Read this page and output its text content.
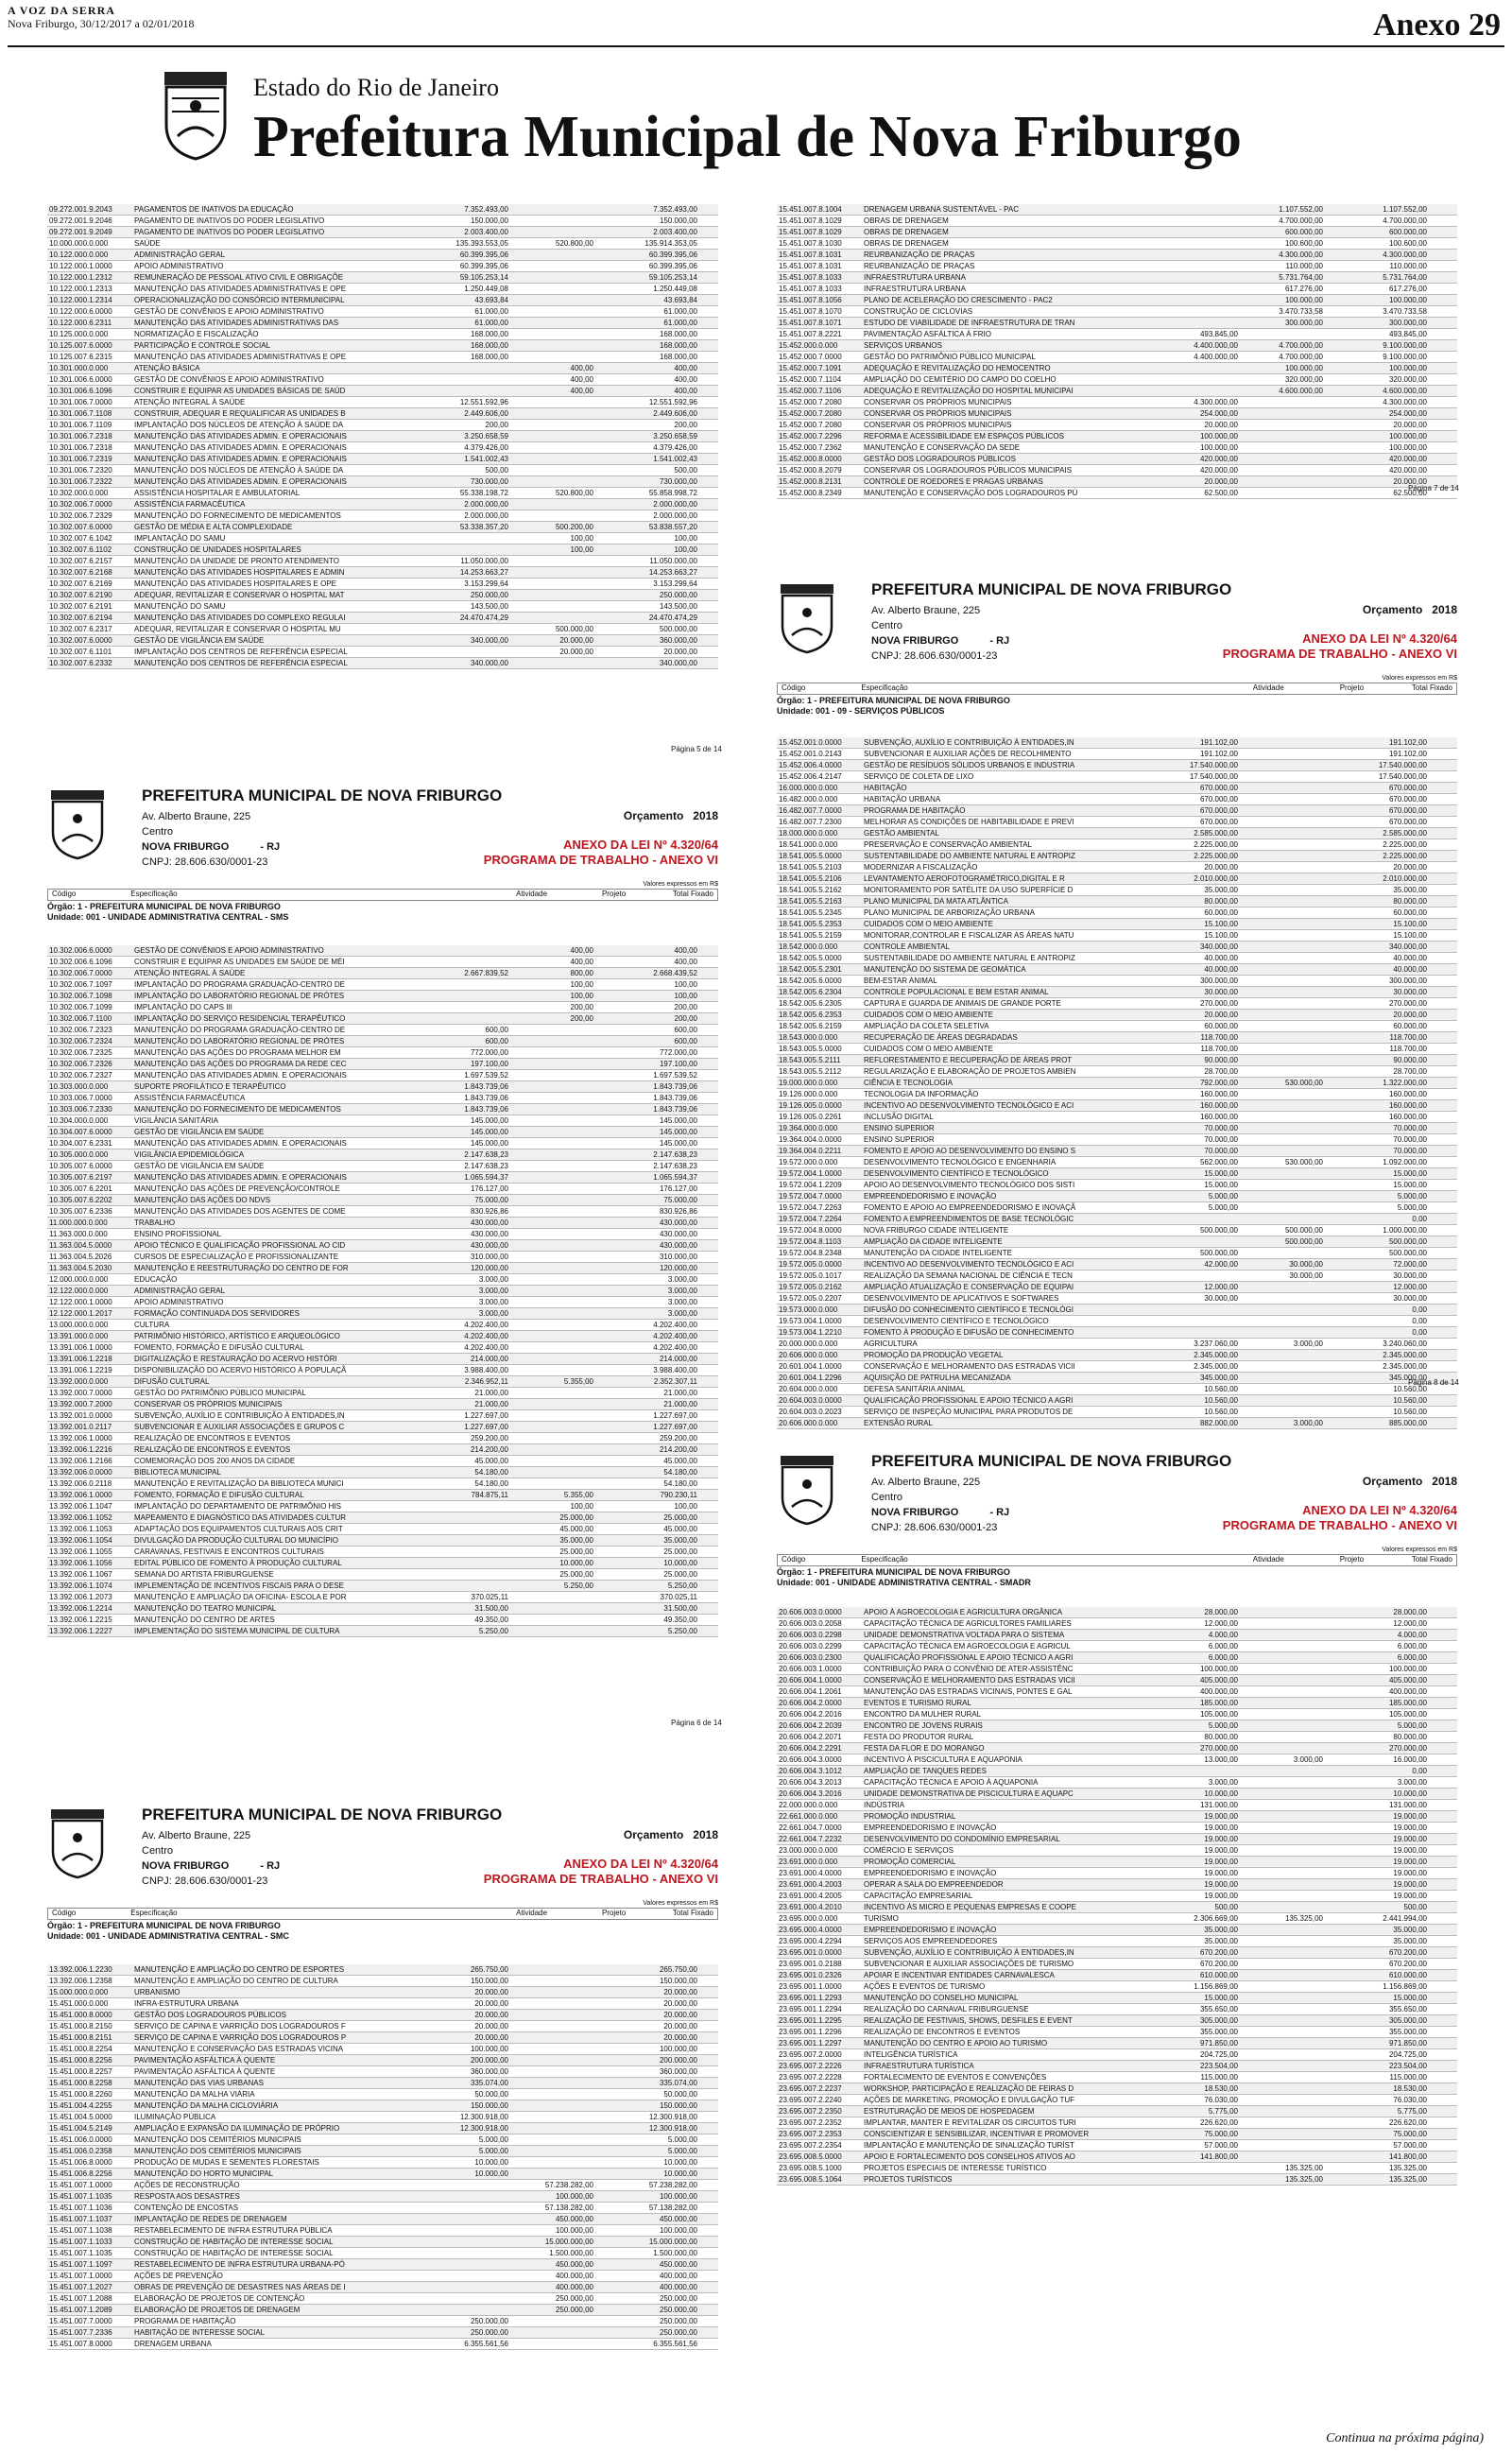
A VOZ DA SERRA
Nova Friburgo, 30/12/2017 a 02/01/2018	Anexo 29
Estado do Rio de Janeiro
Prefeitura Municipal de Nova Friburgo
09.272.001.9.2043	PAGAMENTOS DE INATIVOS DA EDUCAÇÃO	7.352.493,00	7.352.493,00
09.272.001.9.2046	PAGAMENTO DE INATIVOS DO PODER LEGISLATIVO	150.000,00	150.000,00
09.272.001.9.2049	PAGAMENTO DE INATIVOS DO PODER LEGISLATIVO	2.003.400,00	2.003.400,00
10.000.000.0.000	SAÚDE	135.393.553,05	520.800,00	135.914.353,05
10.122.000.0.000	ADMINISTRAÇÃO GERAL	60.399.395,06	60.399.395,06
10.122.000.1.0000	APOIO ADMINISTRATIVO	60.399.395,06	60.399.395,06
10.122.000.1.2312	REMUNERAÇÃO DE PESSOAL ATIVO CIVIL E OBRIGAÇÕE	59.105.253,14	59.105.253,14
10.122.000.1.2313	MANUTENÇÃO DAS ATIVIDADES ADMINISTRATIVAS E OPE	1.250.449,08	1.250.449,08
10.122.000.1.2314	OPERACIONALIZAÇÃO DO CONSÓRCIO INTERMUNICIPAL	43.693,84	43.693,84
10.122.000.6.0000	GESTÃO DE CONVÊNIOS E APOIO ADMINISTRATIVO	61.000,00	61.000,00
10.122.000.6.2311	MANUTENÇÃO DAS ATIVIDADES ADMINISTRATIVAS DAS	61.000,00	61.000,00
10.125.000.0.000	NORMATIZAÇÃO E FISCALIZAÇÃO	168.000,00	168.000,00
10.125.007.6.0000	PARTICIPAÇÃO E CONTROLE SOCIAL	168.000,00	168.000,00
10.125.007.6.2315	MANUTENÇÃO DAS ATIVIDADES ADMINISTRATIVAS E OPE	168.000,00	168.000,00
10.301.000.0.000	ATENÇÃO BÁSICA	400,00	400,00
10.301.006.6.0000	GESTÃO DE CONVÊNIOS E APOIO ADMINISTRATIVO	400,00	400,00
10.301.006.6.1096	CONSTRUIR E EQUIPAR AS UNIDADES BÁSICAS DE SAÚD	400,00	400,00
10.301.006.7.0000	ATENÇÃO INTEGRAL À SAÚDE	12.551.592,96	12.551.592,96
10.301.006.7.1108	CONSTRUIR, ADEQUAR E REQUALIFICAR AS UNIDADES B	2.449.606,00	2.449.606,00
10.301.006.7.1109	IMPLANTAÇÃO DOS NÚCLEOS DE ATENÇÃO À SAÚDE DA	200,00	200,00
10.301.006.7.2318	MANUTENÇÃO DAS ATIVIDADES ADMIN. E OPERACIONAIS	3.250.658,59	3.250.658,59
10.301.006.7.2318	MANUTENÇÃO DAS ATIVIDADES ADMIN. E OPERACIONAIS	4.379.426,00	4.379.426,00
10.301.006.7.2319	MANUTENÇÃO DAS ATIVIDADES ADMIN. E OPERACIONAIS	1.541.002,43	1.541.002,43
10.301.006.7.2320	MANUTENÇÃO DOS NÚCLEOS DE ATENÇÃO À SAÚDE DA	500,00	500,00
10.301.006.7.2322	MANUTENÇÃO DAS ATIVIDADES ADMIN. E OPERACIONAIS	730.000,00	730.000,00
10.302.000.0.000	ASSISTÊNCIA HOSPITALAR E AMBULATORIAL	55.338.198,72	520.800,00	55.858.998,72
10.302.006.7.0000	ASSISTÊNCIA FARMACÊUTICA	2.000.000,00	2.000.000,00
10.302.006.7.2329	MANUTENÇÃO DO FORNECIMENTO DE MEDICAMENTOS	2.000.000,00	2.000.000,00
10.302.007.6.0000	GESTÃO DE MÉDIA E ALTA COMPLEXIDADE	53.338.357,20	500.200,00	53.838.557,20
10.302.007.6.1042	IMPLANTAÇÃO DO SAMU	100,00	100,00
10.302.007.6.1102	CONSTRUÇÃO DE UNIDADES HOSPITALARES	100,00	100,00
10.302.007.6.2157	MANUTENÇÃO DA UNIDADE DE PRONTO ATENDIMENTO	11.050.000,00	11.050.000,00
10.302.007.6.2168	MANUTENÇÃO DAS ATIVIDADES HOSPITALARES E ADMIN	14.253.663,27	14.253.663,27
10.302.007.6.2169	MANUTENÇÃO DAS ATIVIDADES HOSPITALARES E OPE	3.153.299,64	3.153.299,64
10.302.007.6.2190	ADEQUAR, REVITALIZAR E CONSERVAR O HOSPITAL MAT	250.000,00	250.000,00
10.302.007.6.2191	MANUTENÇÃO DO SAMU	143.500,00	143.500,00
10.302.007.6.2194	MANUTENÇÃO DAS ATIVIDADES DO COMPLEXO REGULAI	24.470.474,29	24.470.474,29
10.302.007.6.2317	ADEQUAR, REVITALIZAR E CONSERVAR O HOSPITAL MU	500.000,00	500.000,00
10.302.007.6.0000	GESTÃO DE VIGILÂNCIA EM SAÚDE	340.000,00	20.000,00	360.000,00
10.302.007.6.1101	IMPLANTAÇÃO DOS CENTROS DE REFERÊNCIA ESPECIAL	20.000,00	20.000,00
10.302.007.6.2332	MANUTENÇÃO DOS CENTROS DE REFERÊNCIA ESPECIAL	340.000,00	340.000,00
Página 5 de 14
PREFEITURA MUNICIPAL DE NOVA FRIBURGO
Av. Alberto Braune, 225
Centro
NOVA FRIBURGO	- RJ
CNPJ: 28.606.630/0001-23
Orçamento 2018
ANEXO DA LEI Nº 4.320/64
PROGRAMA DE TRABALHO - ANEXO VI
Valores expressos em R$
Código	Especificação	Atividade	Projeto	Total Fixado
Órgão: 1 - PREFEITURA MUNICIPAL DE NOVA FRIBURGO
Unidade: 001 - UNIDADE ADMINISTRATIVA CENTRAL - SMS
10.302.006.6.0000	GESTÃO DE CONVÊNIOS E APOIO ADMINISTRATIVO	400,00	400,00
10.302.006.6.1096	CONSTRUIR E EQUIPAR AS UNIDADES EM SAÚDE DE MÉI	400,00	400,00
10.302.006.7.0000	ATENÇÃO INTEGRAL À SAÚDE	2.667.839,52	800,00	2.668.439,52
10.302.006.7.1097	IMPLANTAÇÃO DO PROGRAMA GRADUAÇÃO-CENTRO DE	100,00	100,00
10.302.006.7.1098	IMPLANTAÇÃO DO LABORATÓRIO REGIONAL DE PRÓTES	100,00	100,00
10.302.006.7.1099	IMPLANTAÇÃO DO CAPS III	200,00	200,00
10.302.006.7.1100	IMPLANTAÇÃO DO SERVIÇO RESIDENCIAL TERAPÊUTICO	200,00	200,00
10.302.006.7.2323	MANUTENÇÃO DO PROGRAMA GRADUAÇÃO-CENTRO DE	600,00	600,00
10.302.006.7.2324	MANUTENÇÃO DO LABORATÓRIO REGIONAL DE PRÓTES	600,00	600,00
10.302.006.7.2325	MANUTENÇÃO DAS AÇÕES DO PROGRAMA MELHOR EM	772.000,00	772.000,00
10.302.006.7.2326	MANUTENÇÃO DAS AÇÕES DO PROGRAMA DA REDE CEC	197.100,00	197.100,00
10.302.006.7.2327	MANUTENÇÃO DAS ATIVIDADES ADMIN. E OPERACIONAIS	1.697.539,52	1.697.539,52
10.303.000.0.000	SUPORTE PROFILÁTICO E TERAPÊUTICO	1.843.739,06	1.843.739,06
10.303.006.7.0000	ASSISTÊNCIA FARMACÊUTICA	1.843.739,06	1.843.739,06
10.303.006.7.2330	MANUTENÇÃO DO FORNECIMENTO DE MEDICAMENTOS	1.843.739,06	1.843.739,06
10.304.000.0.000	VIGILÂNCIA SANITÁRIA	145.000,00	145.000,00
10.304.007.6.0000	GESTÃO DE VIGILÂNCIA EM SAÚDE	145.000,00	145.000,00
10.304.007.6.2331	MANUTENÇÃO DAS ATIVIDADES ADMIN. E OPERACIONAIS	145.000,00	145.000,00
10.305.000.0.000	VIGILÂNCIA EPIDEMIOLÓGICA	2.147.638,23	2.147.638,23
10.305.007.6.0000	GESTÃO DE VIGILÂNCIA EM SAÚDE	2.147.638,23	2.147.638,23
10.305.007.6.2197	MANUTENÇÃO DAS ATIVIDADES ADMIN. E OPERACIONAIS	1.065.594,37	1.065.594,37
10.305.007.6.2201	MANUTENÇÃO DAS AÇÕES DE PREVENÇÃO/CONTROLE	176.127,00	176.127,00
10.305.007.6.2202	MANUTENÇÃO DAS AÇÕES DO NDVS	75.000,00	75.000,00
10.305.007.6.2336	MANUTENÇÃO DAS ATIVIDADES DOS AGENTES DE COME	830.926,86	830.926,86
11.000.000.0.000	TRABALHO	430.000,00	430.000,00
11.363.000.0.000	ENSINO PROFISSIONAL	430.000,00	430.000,00
11.363.004.5.0000	APOIO TÉCNICO E QUALIFICAÇÃO PROFISSIONAL AO CID	430.000,00	430.000,00
11.363.004.5.2026	CURSOS DE ESPECIALIZAÇÃO E PROFISSIONALIZANTE	310.000,00	310.000,00
11.363.004.5.2030	MANUTENÇÃO E REESTRUTURAÇÃO DO CENTRO DE FOR	120.000,00	120.000,00
12.000.000.0.000	EDUCAÇÃO	3.000,00	3.000,00
12.122.000.0.000	ADMINISTRAÇÃO GERAL	3.000,00	3.000,00
12.122.000.1.0000	APOIO ADMINISTRATIVO	3.000,00	3.000,00
12.122.000.1.2017	FORMAÇÃO CONTINUADA DOS SERVIDORES	3.000,00	3.000,00
13.000.000.0.000	CULTURA	4.202.400,00	4.202.400,00
13.391.000.0.000	PATRIMÔNIO HISTÓRICO, ARTÍSTICO E ARQUEOLÓGICO	4.202.400,00	4.202.400,00
13.391.006.1.0000	FOMENTO, FORMAÇÃO E DIFUSÃO CULTURAL	4.202.400,00	4.202.400,00
13.391.006.1.2218	DIGITALIZAÇÃO E RESTAURAÇÃO DO ACERVO HISTÓRI	214.000,00	214.000,00
13.391.006.1.2219	DISPONIBILIZAÇÃO DO ACERVO HISTÓRICO À POPULAÇÃ	3.988.400,00	3.988.400,00
13.392.000.0.000	DIFUSÃO CULTURAL	2.346.952,11	5.355,00	2.352.307,11
13.392.000.7.0000	GESTÃO DO PATRIMÔNIO PÚBLICO MUNICIPAL	21.000,00	21.000,00
13.392.000.7.2000	CONSERVAR OS PRÓPRIOS MUNICIPAIS	21.000,00	21.000,00
13.392.001.0.0000	SUBVENÇÃO, AUXÍLIO E CONTRIBUIÇÃO À ENTIDADES,IN	1.227.697,00	1.227.697,00
13.392.001.0.2117	SUBVENCIONAR E AUXILIAR ASSOCIAÇÕES E GRUPOS C	1.227.697,00	1.227.697,00
13.392.006.1.0000	REALIZAÇÃO DE ENCONTROS E EVENTOS	259.200,00	259.200,00
13.392.006.1.2216	REALIZAÇÃO DE ENCONTROS E EVENTOS	214.200,00	214.200,00
13.392.006.1.2166	COMEMORAÇÃO DOS 200 ANOS DA CIDADE	45.000,00	45.000,00
13.392.006.0.0000	BIBLIOTECA MUNICIPAL	54.180,00	54.180,00
13.392.006.0.2118	MANUTENÇÃO E REVITALIZAÇÃO DA BIBLIOTECA MUNICI	54.180,00	54.180,00
13.392.006.1.0000	FOMENTO, FORMAÇÃO E DIFUSÃO CULTURAL	784.875,11	5.355,00	790.230,11
13.392.006.1.1047	IMPLANTAÇÃO DO DEPARTAMENTO DE PATRIMÔNIO HIS	100,00	100,00
13.392.006.1.1052	MAPEAMENTO E DIAGNÓSTICO DAS ATIVIDADES CULTUR	25.000,00	25.000,00
13.392.006.1.1053	ADAPTAÇÃO DOS EQUIPAMENTOS CULTURAIS AOS CRIT	45.000,00	45.000,00
13.392.006.1.1054	DIVULGAÇÃO DA PRODUÇÃO CULTURAL DO MUNICÍPIO	35.000,00	35.000,00
13.392.006.1.1055	CARAVANAS, FESTIVAIS E ENCONTROS CULTURAIS	25.000,00	25.000,00
13.392.006.1.1056	EDITAL PÚBLICO DE FOMENTO À PRODUÇÃO CULTURAL	10.000,00	10.000,00
13.392.006.1.1067	SEMANA DO ARTISTA FRIBURGUENSE	25.000,00	25.000,00
13.392.006.1.1074	IMPLEMENTAÇÃO DE INCENTIVOS FISCAIS PARA O DESE	5.250,00	5.250,00
13.392.006.1.2073	MANUTENÇÃO E AMPLIAÇÃO DA OFICINA- ESCOLA E POR	370.025,11	370.025,11
13.392.006.1.2214	MANUTENÇÃO DO TEATRO MUNICIPAL	31.500,00	31.500,00
13.392.006.1.2215	MANUTENÇÃO DO CENTRO DE ARTES	49.350,00	49.350,00
13.392.006.1.2227	IMPLEMENTAÇÃO DO SISTEMA MUNICIPAL DE CULTURA	5.250,00	5.250,00
Página 6 de 14
PREFEITURA MUNICIPAL DE NOVA FRIBURGO
Av. Alberto Braune, 225
Centro
NOVA FRIBURGO	- RJ
CNPJ: 28.606.630/0001-23
Orçamento 2018
ANEXO DA LEI Nº 4.320/64
PROGRAMA DE TRABALHO - ANEXO VI
Valores expressos em R$
Código	Especificação	Atividade	Projeto	Total Fixado
Órgão: 1 - PREFEITURA MUNICIPAL DE NOVA FRIBURGO
Unidade: 001 - UNIDADE ADMINISTRATIVA CENTRAL - SMC
13.392.006.1.2230	MANUTENÇÃO E AMPLIAÇÃO DO CENTRO DE ESPORTES	265.750,00	265.750,00
13.392.006.1.2358	MANUTENÇÃO E AMPLIAÇÃO DO CENTRO DE CULTURA	150.000,00	150.000,00
15.000.000.0.000	URBANISMO	20.000,00	20.000,00
15.451.000.0.000	INFRA-ESTRUTURA URBANA	20.000,00	20.000,00
15.451.000.8.0000	GESTÃO DOS LOGRADOUROS PÚBLICOS	20.000,00	20.000,00
15.451.000.8.2150	SERVIÇO DE CAPINA E VARRIÇÃO DOS LOGRADOUROS F	20.000,00	20.000,00
15.451.000.8.2151	SERVIÇO DE CAPINA E VARRIÇÃO DOS LOGRADOUROS P	20.000,00	20.000,00
15.451.000.8.2254	MANUTENÇÃO E CONSERVAÇÃO DAS ESTRADAS VICINA	100.000,00	100.000,00
15.451.000.8.2256	PAVIMENTAÇÃO ASFÁLTICA À QUENTE	200.000,00	200.000,00
15.451.000.8.2257	PAVIMENTAÇÃO ASFÁLTICA À QUENTE	360.000,00	360.000,00
15.451.000.8.2258	MANUTENÇÃO DAS VIAS URBANAS	335.074,00	335.074,00
15.451.000.8.2260	MANUTENÇÃO DA MALHA VIÁRIA	50.000,00	50.000,00
15.451.004.4.2255	MANUTENÇÃO DA MALHA CICLOVIÁRIA	150.000,00	150.000,00
15.451.004.5.0000	ILUMINAÇÃO PÚBLICA	12.300.918,00	12.300.918,00
15.451.004.5.2149	AMPLIAÇÃO E EXPANSÃO DA ILUMINAÇÃO DE PRÓPRIO	12.300.918,00	12.300.918,00
15.451.006.0.0000	MANUTENÇÃO DOS CEMITÉRIOS MUNICIPAIS	5.000,00	5.000,00
15.451.006.0.2358	MANUTENÇÃO DOS CEMITÉRIOS MUNICIPAIS	5.000,00	5.000,00
15.451.006.8.0000	PRODUÇÃO DE MUDAS E SEMENTES FLORESTAIS	10.000,00	10.000,00
15.451.006.8.2256	MANUTENÇÃO DO HORTO MUNICIPAL	10.000,00	10.000,00
15.451.007.1.0000	AÇÕES DE RECONSTRUÇÃO	57.238.282,00	57.238.282,00
15.451.007.1.1035	RESPOSTA AOS DESASTRES	100.000,00	100.000,00
15.451.007.1.1036	CONTENÇÃO DE ENCOSTAS	57.138.282,00	57.138.282,00
15.451.007.1.1037	IMPLANTAÇÃO DE REDES DE DRENAGEM	450.000,00	450.000,00
15.451.007.1.1038	RESTABELECIMENTO DE INFRA ESTRUTURA PÚBLICA	100.000,00	100.000,00
15.451.007.1.1033	CONSTRUÇÃO DE HABITAÇÃO DE INTERESSE SOCIAL	15.000.000,00	15.000.000,00
15.451.007.1.1035	CONSTRUÇÃO DE HABITAÇÃO DE INTERESSE SOCIAL	1.500.000,00	1.500.000,00
15.451.007.1.1097	RESTABELECIMENTO DE INFRA ESTRUTURA URBANA-PÓ	450.000,00	450.000,00
15.451.007.1.0000	AÇÕES DE PREVENÇÃO	400.000,00	400.000,00
15.451.007.1.2027	OBRAS DE PREVENÇÃO DE DESASTRES NAS ÁREAS DE I	400.000,00	400.000,00
15.451.007.1.2088	ELABORAÇÃO DE PROJETOS DE CONTENÇÃO	250.000,00	250.000,00
15.451.007.1.2089	ELABORAÇÃO DE PROJETOS DE DRENAGEM	250.000,00	250.000,00
15.451.007.7.0000	PROGRAMA DE HABITAÇÃO	250.000,00	250.000,00
15.451.007.7.2336	HABITAÇÃO DE INTERESSE SOCIAL	250.000,00	250.000,00
15.451.007.8.0000	DRENAGEM URBANA	6.355.561,56	6.355.561,56
15.451.007.8.1004	DRENAGEM URBANA SUSTENTÁVEL - PAC	1.107.552,00	1.107.552,00
15.451.007.8.1029	OBRAS DE DRENAGEM	4.700.000,00	4.700.000,00
15.451.007.8.1029	OBRAS DE DRENAGEM	600.000,00	600.000,00
15.451.007.8.1030	OBRAS DE DRENAGEM	100.600,00	100.600,00
15.451.007.8.1031	REURBANIZAÇÃO DE PRAÇAS	4.300.000,00	4.300.000,00
15.451.007.8.1031	REURBANIZAÇÃO DE PRAÇAS	110.000,00	110.000,00
15.451.007.8.1033	INFRAESTRUTURA URBANA	5.731.764,00	5.731.764,00
15.451.007.8.1033	INFRAESTRUTURA URBANA	617.276,00	617.276,00
15.451.007.8.1056	PLANO DE ACELERAÇÃO DO CRESCIMENTO - PAC2	100.000,00	100.000,00
15.451.007.8.1070	CONSTRUÇÃO DE CICLOVIAS	3.470.733,58	3.470.733,58
15.451.007.8.1071	ESTUDO DE VIABILIDADE DE INFRAESTRUTURA DE TRAN	300.000,00	300.000,00
15.451.007.8.2221	PAVIMENTAÇÃO ASFÁLTICA À FRIO	493.845,00	493.845,00
15.452.000.0.000	SERVIÇOS URBANOS	4.400.000,00	4.700.000,00	9.100.000,00
15.452.000.7.0000	GESTÃO DO PATRIMÔNIO PÚBLICO MUNICIPAL	4.400.000,00	4.700.000,00	9.100.000,00
15.452.000.7.1091	ADEQUAÇÃO E REVITALIZAÇÃO DO HEMOCENTRO	100.000,00	100.000,00
15.452.000.7.1104	AMPLIAÇÃO DO CEMITÉRIO DO CAMPO DO COELHO	320.000,00	320.000,00
15.452.000.7.1106	ADEQUAÇÃO E REVITALIZAÇÃO DO HOSPITAL MUNICIPAI	4.600.000,00	4.600.000,00
15.452.000.7.2080	CONSERVAR OS PRÓPRIOS MUNICIPAIS	4.300.000,00	4.300.000,00
15.452.000.7.2080	CONSERVAR OS PRÓPRIOS MUNICIPAIS	254.000,00	254.000,00
15.452.000.7.2080	CONSERVAR OS PRÓPRIOS MUNICIPAIS	20.000,00	20.000,00
15.452.000.7.2296	REFORMA E ACESSIBILIDADE EM ESPAÇOS PÚBLICOS	100.000,00	100.000,00
15.452.000.7.2362	MANUTENÇÃO E CONSERVAÇÃO DA SEDE	100.000,00	100.000,00
15.452.000.8.0000	GESTÃO DOS LOGRADOUROS PÚBLICOS	420.000,00	420.000,00
15.452.000.8.2079	CONSERVAR OS LOGRADOUROS PÚBLICOS MUNICIPAIS	420.000,00	420.000,00
15.452.000.8.2131	CONTROLE DE ROEDORES E PRAGAS URBANAS	20.000,00	20.000,00
15.452.000.8.2349	MANUTENÇÃO E CONSERVAÇÃO DOS LOGRADOUROS PÚ	62.500,00	62.500,00
Página 7 de 14
PREFEITURA MUNICIPAL DE NOVA FRIBURGO
Av. Alberto Braune, 225
Centro
NOVA FRIBURGO	- RJ
CNPJ: 28.606.630/0001-23
Orçamento 2018
ANEXO DA LEI Nº 4.320/64
PROGRAMA DE TRABALHO - ANEXO VI
Valores expressos em R$
Código	Especificação	Atividade	Projeto	Total Fixado
Órgão: 1 - PREFEITURA MUNICIPAL DE NOVA FRIBURGO
Unidade: 001 - 09 - SERVIÇOS PÚBLICOS
15.452.001.0.0000	SUBVENÇÃO, AUXÍLIO E CONTRIBUIÇÃO À ENTIDADES,IN	191.102,00	191.102,00
15.452.001.0.2143	SUBVENCIONAR E AUXILIAR AÇÕES DE RECOLHIMENTO	191.102,00	191.102,00
15.452.006.4.0000	GESTÃO DE RESÍDUOS SÓLIDOS URBANOS E INDUSTRIA	17.540.000,00	17.540.000,00
15.452.006.4.2147	SERVIÇO DE COLETA DE LIXO	17.540.000,00	17.540.000,00
16.000.000.0.000	HABITAÇÃO	670.000,00	670.000,00
16.482.000.0.000	HABITAÇÃO URBANA	670.000,00	670.000,00
16.482.007.7.0000	PROGRAMA DE HABITAÇÃO	670.000,00	670.000,00
16.482.007.7.2300	MELHORAR AS CONDIÇÕES DE HABITABILIDADE E PREVI	670.000,00	670.000,00
18.000.000.0.000	GESTÃO AMBIENTAL	2.585.000,00	2.585.000,00
18.541.000.0.000	PRESERVAÇÃO E CONSERVAÇÃO AMBIENTAL	2.225.000,00	2.225.000,00
18.541.005.5.0000	SUSTENTABILIDADE DO AMBIENTE NATURAL E ANTROPIZ	2.225.000,00	2.225.000,00
18.541.005.5.2103	MODERNIZAR A FISCALIZAÇÃO	20.000,00	20.000,00
18.541.005.5.2106	LEVANTAMENTO AEROFOTOGRAMÉTRICO,DIGITAL E R	2.010.000,00	2.010.000,00
18.541.005.5.2162	MONITORAMENTO POR SATÉLITE DA USO SUPERFÍCIE D	35.000,00	35.000,00
18.541.005.5.2163	PLANO MUNICIPAL DA MATA ATLÂNTICA	80.000,00	80.000,00
18.541.005.5.2345	PLANO MUNICIPAL DE ARBORIZAÇÃO URBANA	60.000,00	60.000,00
18.541.005.5.2353	CUIDADOS COM O MEIO AMBIENTE	15.100,00	15.100,00
18.541.005.5.2159	MONITORAR,CONTROLAR E FISCALIZAR AS ÁREAS NATU	15.100,00	15.100,00
18.542.000.0.000	CONTROLE AMBIENTAL	340.000,00	340.000,00
18.542.005.5.0000	SUSTENTABILIDADE DO AMBIENTE NATURAL E ANTROPIZ	40.000,00	40.000,00
18.542.005.5.2301	MANUTENÇÃO DO SISTEMA DE GEOMÁTICA	40.000,00	40.000,00
18.542.005.6.0000	BEM-ESTAR ANIMAL	300.000,00	300.000,00
18.542.005.6.2304	CONTROLE POPULACIONAL E BEM ESTAR ANIMAL	30.000,00	30.000,00
18.542.005.6.2305	CAPTURA E GUARDA DE ANIMAIS DE GRANDE PORTE	270.000,00	270.000,00
18.542.005.6.2353	CUIDADOS COM O MEIO AMBIENTE	20.000,00	20.000,00
18.542.005.6.2159	AMPLIAÇÃO DA COLETA SELETIVA	60.000,00	60.000,00
18.543.000.0.000	RECUPERAÇÃO DE ÁREAS DEGRADADAS	118.700,00	118.700,00
18.543.005.5.0000	CUIDADOS COM O MEIO AMBIENTE	118.700,00	118.700,00
18.543.005.5.2111	REFLORESTAMENTO E RECUPERAÇÃO DE ÁREAS PROT	90.000,00	90.000,00
18.543.005.5.2112	REGULARIZAÇÃO E ELABORAÇÃO DE PROJETOS AMBIEN	28.700,00	28.700,00
19.000.000.0.000	CIÊNCIA E TECNOLOGIA	792.000,00	530.000,00	1.322.000,00
19.126.000.0.000	TECNOLOGIA DA INFORMAÇÃO	160.000,00	160.000,00
19.126.005.0.0000	INCENTIVO AO DESENVOLVIMENTO TECNOLÓGICO E ACI	160.000,00	160.000,00
19.126.005.0.2261	INCLUSÃO DIGITAL	160.000,00	160.000,00
19.364.000.0.000	ENSINO SUPERIOR	70.000,00	70.000,00
19.364.004.0.0000	ENSINO SUPERIOR	70.000,00	70.000,00
19.364.004.0.2211	FOMENTO E APOIO AO DESENVOLVIMENTO DO ENSINO S	70.000,00	70.000,00
19.572.000.0.000	DESENVOLVIMENTO TECNOLÓGICO E ENGENHARIA	562.000,00	530.000,00	1.092.000,00
19.572.004.1.0000	DESENVOLVIMENTO CIENTÍFICO E TECNOLÓGICO	15.000,00	15.000,00
19.572.004.1.2209	APOIO AO DESENVOLVIMENTO TECNOLÓGICO DOS SISTI	15.000,00	15.000,00
19.572.004.7.0000	EMPREENDEDORISMO E INOVAÇÃO	5.000,00	5.000,00
19.572.004.7.2263	FOMENTO E APOIO AO EMPREENDEDORISMO E INOVAÇÃ	5.000,00	5.000,00
19.572.004.7.2264	FOMENTO A EMPREENDIMENTOS DE BASE TECNOLÓGIC	0,00
19.572.004.8.0000	NOVA FRIBURGO CIDADE INTELIGENTE	500.000,00	500.000,00	1.000.000,00
19.572.004.8.1103	AMPLIAÇÃO DA CIDADE INTELIGENTE	500.000,00	500.000,00
19.572.004.8.2348	MANUTENÇÃO DA CIDADE INTELIGENTE	500.000,00	500.000,00
19.572.005.0.0000	INCENTIVO AO DESENVOLVIMENTO TECNOLÓGICO E ACI	42.000,00	30.000,00	72.000,00
19.572.005.0.1017	REALIZAÇÃO DA SEMANA NACIONAL DE CIÊNCIA E TECN	30.000,00	30.000,00
19.572.005.0.2162	AMPLIAÇÃO ATUALIZAÇÃO E CONSERVAÇÃO DE EQUIPAI	12.000,00	12.000,00
19.572.005.0.2207	DESENVOLVIMENTO DE APLICATIVOS E SOFTWARES	30.000,00	30.000,00
19.573.000.0.000	DIFUSÃO DO CONHECIMENTO CIENTÍFICO E TECNOLÓGI	0,00
19.573.004.1.0000	DESENVOLVIMENTO CIENTÍFICO E TECNOLÓGICO	0,00
19.573.004.1.2210	FOMENTO À PRODUÇÃO E DIFUSÃO DE CONHECIMENTO	0,00
20.000.000.0.000	AGRICULTURA	3.237.060,00	3.000,00	3.240.060,00
20.606.000.0.000	PROMOÇÃO DA PRODUÇÃO VEGETAL	2.345.000,00	2.345.000,00
20.601.004.1.0000	CONSERVAÇÃO E MELHORAMENTO DAS ESTRADAS VICII	2.345.000,00	2.345.000,00
20.601.004.1.2296	AQUISIÇÃO DE PATRULHA MECANIZADA	345.000,00	345.000,00
20.604.000.0.000	DEFESA SANITÁRIA ANIMAL	10.560,00	10.560,00
20.604.003.0.0000	QUALIFICAÇÃO PROFISSIONAL E APOIO TÉCNICO A AGRI	10.560,00	10.560,00
20.604.003.0.2023	SERVIÇO DE INSPEÇÃO MUNICIPAL PARA PRODUTOS DE	10.560,00	10.560,00
20.606.000.0.000	EXTENSÃO RURAL	882.000,00	3.000,00	885.000,00
Página 8 de 14
PREFEITURA MUNICIPAL DE NOVA FRIBURGO
Av. Alberto Braune, 225
Centro
NOVA FRIBURGO	- RJ
CNPJ: 28.606.630/0001-23
Orçamento 2018
ANEXO DA LEI Nº 4.320/64
PROGRAMA DE TRABALHO - ANEXO VI
Valores expressos em R$
Código	Especificação	Atividade	Projeto	Total Fixado
Órgão: 1 - PREFEITURA MUNICIPAL DE NOVA FRIBURGO
Unidade: 001 - UNIDADE ADMINISTRATIVA CENTRAL - SMADR
20.606.003.0.0000	APOIO À AGROECOLOGIA E AGRICULTURA ORGÂNICA	28.000,00	28.000,00
20.606.003.0.2058	CAPACITAÇÃO TÉCNICA DE AGRICULTORES FAMILIARES	12.000,00	12.000,00
20.606.003.0.2298	UNIDADE DEMONSTRATIVA VOLTADA PARA O SISTEMA	4.000,00	4.000,00
20.606.003.0.2299	CAPACITAÇÃO TÉCNICA EM AGROECOLOGIA E AGRICUL	6.000,00	6.000,00
20.606.003.0.2300	QUALIFICAÇÃO PROFISSIONAL E APOIO TÉCNICO A AGRI	6.000,00	6.000,00
20.606.003.1.0000	CONTRIBUIÇÃO PARA O CONVÊNIO DE ATER-ASSISTÊNC	100.000,00	100.000,00
20.606.004.1.0000	CONSERVAÇÃO E MELHORAMENTO DAS ESTRADAS VICII	405.000,00	405.000,00
20.606.004.1.2061	MANUTENÇÃO DAS ESTRADAS VICINAIS, PONTES E GAL	400.000,00	400.000,00
20.606.004.2.0000	EVENTOS E TURISMO RURAL	185.000,00	185.000,00
20.606.004.2.2016	ENCONTRO DA MULHER RURAL	105.000,00	105.000,00
20.606.004.2.2039	ENCONTRO DE JOVENS RURAIS	5.000,00	5.000,00
20.606.004.2.2071	FESTA DO PRODUTOR RURAL	80.000,00	80.000,00
20.606.004.2.2291	FESTA DA FLOR E DO MORANGO	270.000,00	270.000,00
20.606.004.3.0000	INCENTIVO À PISCICULTURA E AQUAPONIA	13.000,00	3.000,00	16.000,00
20.606.004.3.1012	AMPLIAÇÃO DE TANQUES REDES	0,00
20.606.004.3.2013	CAPACITAÇÃO TÉCNICA E APOIO À AQUAPONIA	3.000,00	3.000,00
20.606.004.3.2016	UNIDADE DEMONSTRATIVA DE PISCICULTURA E AQUAPC	10.000,00	10.000,00
22.000.000.0.000	INDÚSTRIA	131.000,00	131.000,00
22.661.000.0.000	PROMOÇÃO INDUSTRIAL	19.000,00	19.000,00
22.661.004.7.0000	EMPREENDEDORISMO E INOVAÇÃO	19.000,00	19.000,00
22.661.004.7.2232	DESENVOLVIMENTO DO CONDOMÍNIO EMPRESARIAL	19.000,00	19.000,00
23.000.000.0.000	COMÉRCIO E SERVIÇOS	19.000,00	19.000,00
23.691.000.0.000	PROMOÇÃO COMERCIAL	19.000,00	19.000,00
23.691.000.4.0000	EMPREENDEDORISMO E INOVAÇÃO	19.000,00	19.000,00
23.691.000.4.2003	OPERAR A SALA DO EMPREENDEDOR	19.000,00	19.000,00
23.691.000.4.2005	CAPACITAÇÃO EMPRESARIAL	19.000,00	19.000,00
23.691.000.4.2010	INCENTIVO ÀS MICRO E PEQUENAS EMPRESAS E COOPE	500,00	500,00
23.695.000.0.000	TURISMO	2.306.669,00	135.325,00	2.441.994,00
23.695.000.4.0000	EMPREENDEDORISMO E INOVAÇÃO	35.000,00	35.000,00
23.695.000.4.2294	SERVIÇOS AOS EMPREENDEDORES	35.000,00	35.000,00
23.695.001.0.0000	SUBVENÇÃO, AUXÍLIO E CONTRIBUIÇÃO À ENTIDADES,IN	670.200,00	670.200,00
23.695.001.0.2188	SUBVENCIONAR E AUXILIAR ASSOCIAÇÕES DE TURISMO	670.200,00	670.200,00
23.695.001.0.2326	APOIAR E INCENTIVAR ENTIDADES CARNAVALESCA	610.000,00	610.000,00
23.695.001.1.0000	AÇÕES E EVENTOS DE TURISMO	1.156.869,00	1.156.869,00
23.695.001.1.2293	MANUTENÇÃO DO CONSELHO MUNICIPAL	15.000,00	15.000,00
23.695.001.1.2294	REALIZAÇÃO DO CARNAVAL FRIBURGUENSE	355.650,00	355.650,00
23.695.001.1.2295	REALIZAÇÃO DE FESTIVAIS, SHOWS, DESFILES E EVENT	305.000,00	305.000,00
23.695.001.1.2296	REALIZAÇÃO DE ENCONTROS E EVENTOS	355.000,00	355.000,00
23.695.001.1.2297	MANUTENÇÃO DO CENTRO E APOIO AO TURISMO	971.850,00	971.850,00
23.695.007.2.0000	INTELIGÊNCIA TURÍSTICA	204.725,00	204.725,00
23.695.007.2.2226	INFRAESTRUTURA TURÍSTICA	223.504,00	223.504,00
23.695.007.2.2228	FORTALECIMENTO DE EVENTOS E CONVENÇÕES	115.000,00	115.000,00
23.695.007.2.2237	WORKSHOP, PARTICIPAÇÃO E REALIZAÇÃO DE FEIRAS D	18.530,00	18.530,00
23.695.007.2.2240	AÇÕES DE MARKETING, PROMOÇÃO E DIVULGAÇÃO TUF	76.030,00	76.030,00
23.695.007.2.2350	ESTRUTURAÇÃO DE MEIOS DE HOSPEDAGEM	5.775,00	5.775,00
23.695.007.2.2352	IMPLANTAR, MANTER E REVITALIZAR OS CIRCUITOS TURI	226.620,00	226.620,00
23.695.007.2.2353	CONSCIENTIZAR E SENSIBILIZAR, INCENTIVAR E PROMOVER	75.000,00	75.000,00
23.695.007.2.2354	IMPLANTAÇÃO E MANUTENÇÃO DE SINALIZAÇÃO TURÍST	57.000,00	57.000,00
23.695.008.5.0000	APOIO E FORTALECIMENTO DOS CONSELHOS ATIVOS AO	141.800,00	141.800,00
23.695.008.5.1000	PROJETOS ESPECIAIS DE INTERESSE TURÍSTICO	135.325,00	135.325,00
23.695.008.5.1064	PROJETOS TURÍSTICOS	135.325,00	135.325,00
Continua na próxima página)
